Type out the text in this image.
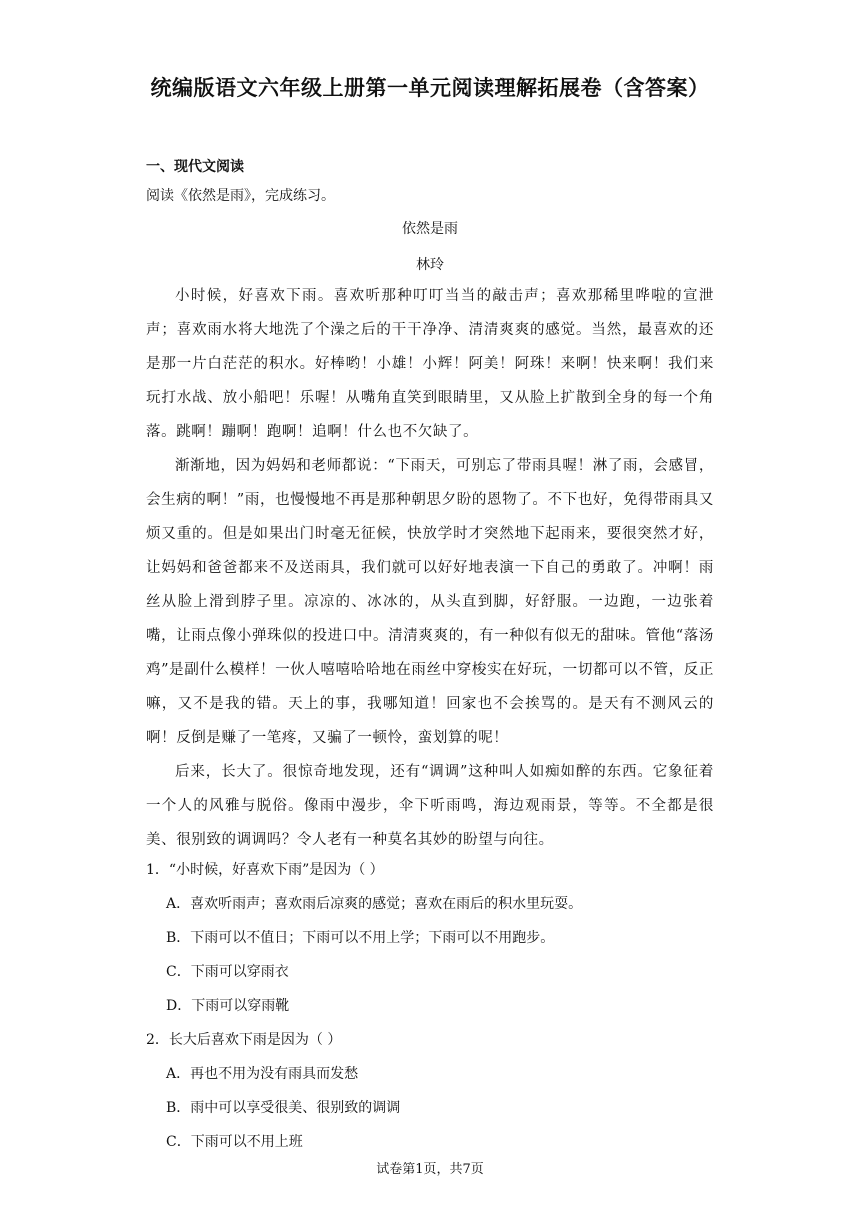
统编版语文六年级上册第一单元阅读理解拓展卷（含答案）
一、现代文阅读
阅读《依然是雨》，完成练习。
依然是雨
林玲

小时候，好喜欢下雨。喜欢听那种叮叮当当的敲击声；喜欢那稀里哗啦的宣泄声；喜欢雨水将大地洗了个澡之后的干干净净、清清爽爽的感觉。当然，最喜欢的还是那一片白茫茫的积水。好棒哟！小雄！小辉！阿美！阿珠！来啊！快来啊！我们来玩打水战、放小船吧！乐喔！从嘴角直笑到眼睛里，又从脸上扩散到全身的每一个角落。跳啊！蹦啊！跑啊！追啊！什么也不欠缺了。

渐渐地，因为妈妈和老师都说：“下雨天，可别忘了带雨具喔！淋了雨，会感冒，会生病的啊！”雨，也慢慢地不再是那种朝思夕盼的恩物了。不下也好，免得带雨具又烦又重的。但是如果出门时毫无征候，快放学时才突然地下起雨来，要很突然才好，让妈妈和爸爸都来不及送雨具，我们就可以好好地表演一下自己的勇敢了。冲啊！雨丝从脸上滑到脖子里。凉凉的、冰冰的，从头直到脚，好舒服。一边跑，一边张着嘴，让雨点像小弹珠似的投进口中。清清爽爽的，有一种似有似无的甜味。管他“落汤鸡”是副什么模样！一伙人嘻嘻哈哈地在雨丝中穿梭实在好玩，一切都可以不管，反正嘛，又不是我的错。天上的事，我哪知道！回家也不会挨骂的。是天有不测风云的啊！反倒是赚了一笔疼，又骗了一顿怜，蛮划算的呢！

后来，长大了。很惊奇地发现，还有“调调”这种叫人如痴如醉的东西。它象征着一个人的风雅与脱俗。像雨中漫步，伞下听雨鸣，海边观雨景，等等。不全都是很美、很别致的调调吗？令人老有一种莫名其妙的盼望与向往。

1．“小时候，好喜欢下雨”是因为（ ）
A．喜欢听雨声；喜欢雨后凉爽的感觉；喜欢在雨后的积水里玩耍。
B．下雨可以不值日；下雨可以不用上学；下雨可以不用跑步。
C．下雨可以穿雨衣
D．下雨可以穿雨靴
2．长大后喜欢下雨是因为（ ）
A．再也不用为没有雨具而发愁
B．雨中可以享受很美、很别致的调调
C．下雨可以不用上班
试卷第1页，共7页
